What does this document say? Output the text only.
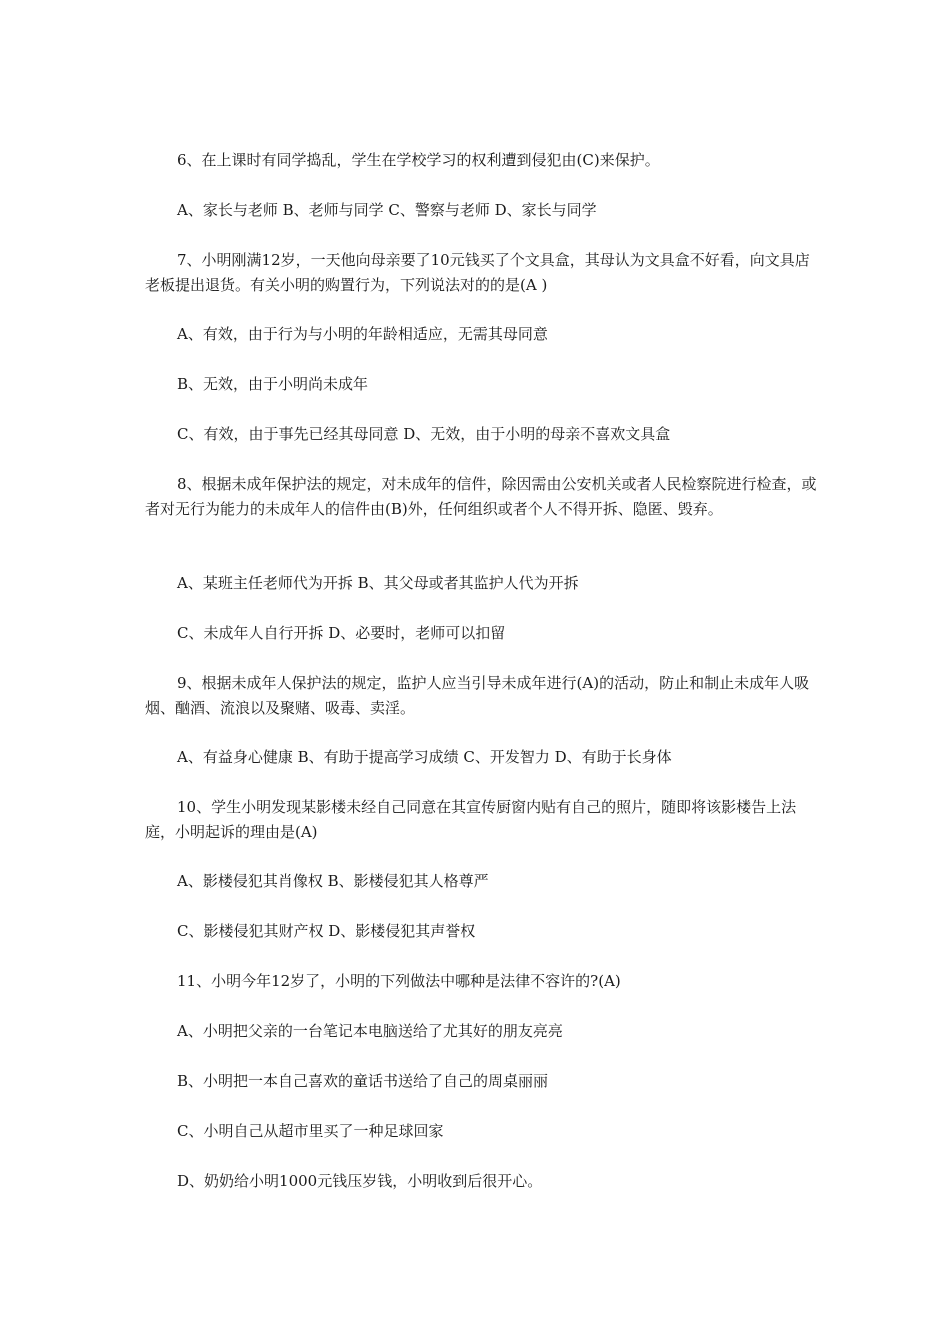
6、在上课时有同学捣乱，学生在学校学习的权利遭到侵犯由(C)来保护。

A、家长与老师 B、老师与同学 C、警察与老师 D、家长与同学

7、小明刚满12岁，一天他向母亲要了10元钱买了个文具盒，其母认为文具盒不好看，向文具店老板提出退货。有关小明的购置行为，下列说法对的的是(A )

A、有效，由于行为与小明的年龄相适应，无需其母同意

B、无效，由于小明尚未成年

C、有效，由于事先已经其母同意 D、无效，由于小明的母亲不喜欢文具盒

8、根据未成年保护法的规定，对未成年的信件，除因需由公安机关或者人民检察院进行检查，或者对无行为能力的未成年人的信件由(B)外，任何组织或者个人不得开拆、隐匿、毁弃。

A、某班主任老师代为开拆 B、其父母或者其监护人代为开拆

C、未成年人自行开拆 D、必要时，老师可以扣留

9、根据未成年人保护法的规定，监护人应当引导未成年进行(A)的活动，防止和制止未成年人吸烟、酗酒、流浪以及聚赌、吸毒、卖淫。

A、有益身心健康 B、有助于提高学习成绩 C、开发智力 D、有助于长身体

10、学生小明发现某影楼未经自己同意在其宣传厨窗内贴有自己的照片，随即将该影楼告上法庭，小明起诉的理由是(A)

A、影楼侵犯其肖像权 B、影楼侵犯其人格尊严

C、影楼侵犯其财产权 D、影楼侵犯其声誉权

11、小明今年12岁了，小明的下列做法中哪种是法律不容许的?(A)

A、小明把父亲的一台笔记本电脑送给了尤其好的朋友亮亮

B、小明把一本自己喜欢的童话书送给了自己的周桌丽丽

C、小明自己从超市里买了一种足球回家

D、奶奶给小明1000元钱压岁钱，小明收到后很开心。
